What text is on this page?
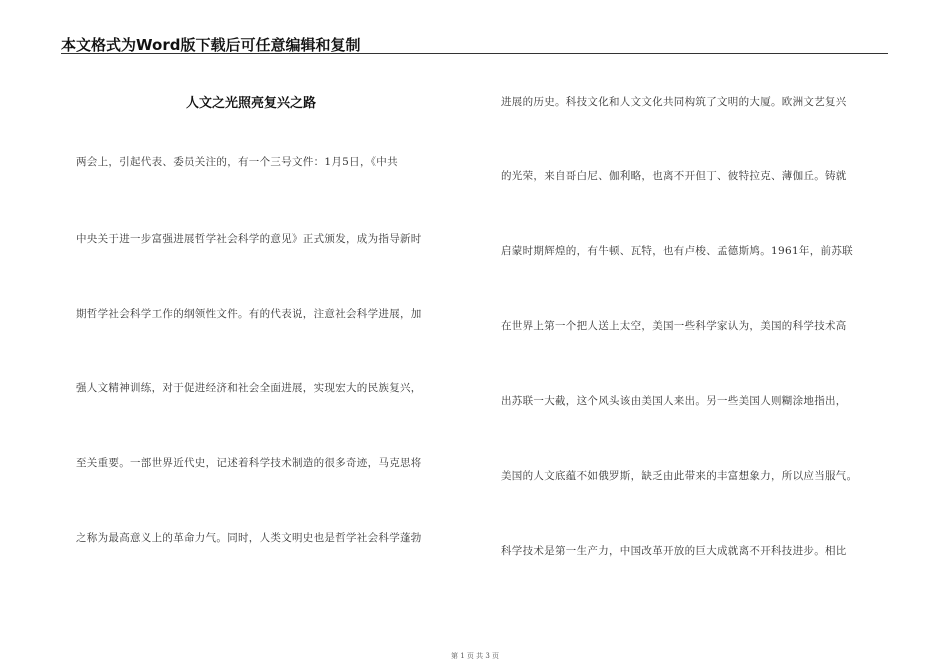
本文格式为Word版下载后可任意编辑和复制
人文之光照亮复兴之路
两会上，引起代表、委员关注的，有一个三号文件：1月5日，《中共
中央关于进一步富强进展哲学社会科学的意见》正式颁发，成为指导新时
期哲学社会科学工作的纲领性文件。有的代表说，注意社会科学进展，加
强人文精神训练，对于促进经济和社会全面进展，实现宏大的民族复兴，
至关重要。一部世界近代史，记述着科学技术制造的很多奇迹，马克思将
之称为最高意义上的革命力气。同时，人类文明史也是哲学社会科学蓬勃
进展的历史。科技文化和人文文化共同构筑了文明的大厦。欧洲文艺复兴
的光荣，来自哥白尼、伽利略，也离不开但丁、彼特拉克、薄伽丘。铸就
启蒙时期辉煌的，有牛顿、瓦特，也有卢梭、孟德斯鸠。1961年，前苏联
在世界上第一个把人送上太空，美国一些科学家认为，美国的科学技术高
出苏联一大截，这个风头该由美国人来出。另一些美国人则糊涂地指出，
美国的人文底蕴不如俄罗斯，缺乏由此带来的丰富想象力，所以应当服气。
科学技术是第一生产力，中国改革开放的巨大成就离不开科技进步。相比
第 1 页 共 3 页
